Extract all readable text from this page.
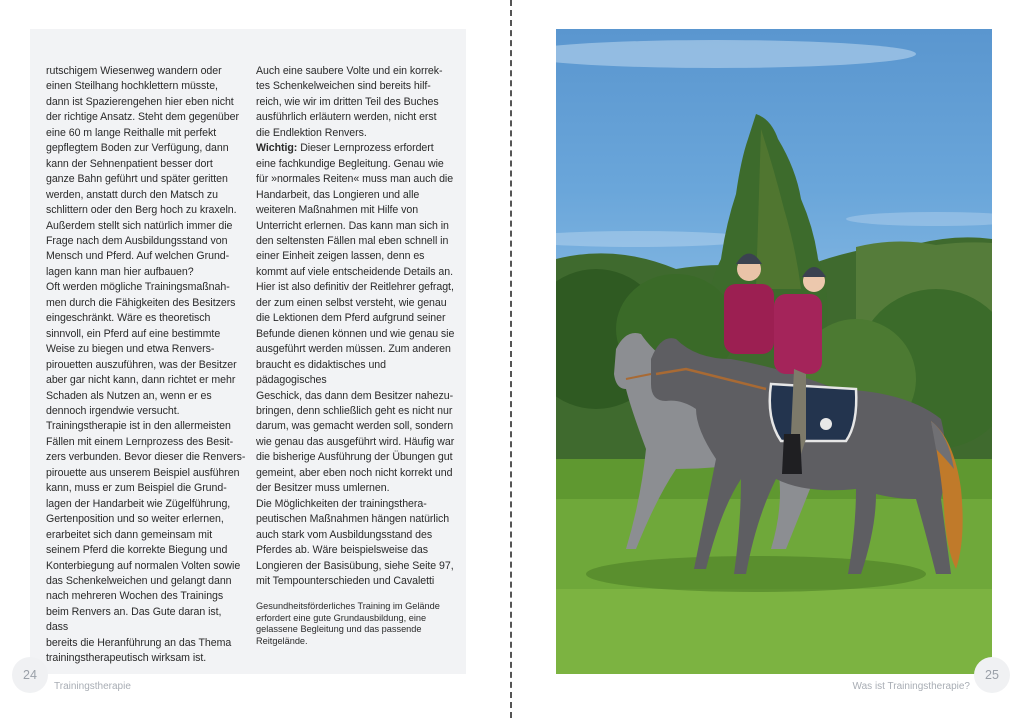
rutschigem Wiesenweg wandern oder
einen Steilhang hochklettern müsste,
dann ist Spazierengehen hier eben nicht
der richtige Ansatz. Steht dem gegenüber
eine 60 m lange Reithalle mit perfekt
gepflegtem Boden zur Verfügung, dann
kann der Sehnenpatient besser dort
ganze Bahn geführt und später geritten
werden, anstatt durch den Matsch zu
schlittern oder den Berg hoch zu kraxeln.
Außerdem stellt sich natürlich immer die
Frage nach dem Ausbildungsstand von
Mensch und Pferd. Auf welchen Grund-
lagen kann man hier aufbauen?
Oft werden mögliche Trainingsmaßnah-
men durch die Fähigkeiten des Besitzers
eingeschränkt. Wäre es theoretisch
sinnvoll, ein Pferd auf eine bestimmte
Weise zu biegen und etwa Renvers-
pirouetten auszuführen, was der Besitzer
aber gar nicht kann, dann richtet er mehr
Schaden als Nutzen an, wenn er es
dennoch irgendwie versucht.
Trainingstherapie ist in den allermeisten
Fällen mit einem Lernprozess des Besit-
zers verbunden. Bevor dieser die Renvers-
pirouette aus unserem Beispiel ausführen
kann, muss er zum Beispiel die Grund-
lagen der Handarbeit wie Zügelführung,
Gertenposition und so weiter erlernen,
erarbeitet sich dann gemeinsam mit
seinem Pferd die korrekte Biegung und
Konterbiegung auf normalen Volten sowie
das Schenkelweichen und gelangt dann
nach mehreren Wochen des Trainings
beim Renvers an. Das Gute daran ist, dass
bereits die Heranführung an das Thema
trainingstherapeutisch wirksam ist.
Auch eine saubere Volte und ein korrek-
tes Schenkelweichen sind bereits hilf-
reich, wie wir im dritten Teil des Buches
ausführlich erläutern werden, nicht erst
die Endlektion Renvers.

Wichtig: Dieser Lernprozess erfordert

eine fachkundige Begleitung. Genau wie
für »normales Reiten« muss man auch die
Handarbeit, das Longieren und alle
weiteren Maßnahmen mit Hilfe von
Unterricht erlernen. Das kann man sich in
den seltensten Fällen mal eben schnell in
einer Einheit zeigen lassen, denn es
kommt auf viele entscheidende Details an.
Hier ist also definitiv der Reitlehrer gefragt,
der zum einen selbst versteht, wie genau
die Lektionen dem Pferd aufgrund seiner
Befunde dienen können und wie genau sie
ausgeführt werden müssen. Zum anderen
braucht es didaktisches und pädagogisches
Geschick, das dann dem Besitzer nahezu-
bringen, denn schließlich geht es nicht nur
darum, was gemacht werden soll, sondern
wie genau das ausgeführt wird. Häufig war
die bisherige Ausführung der Übungen gut
gemeint, aber eben noch nicht korrekt und
der Besitzer muss umlernen.
Die Möglichkeiten der trainingsthera-
peutischen Maßnahmen hängen natürlich
auch stark vom Ausbildungsstand des
Pferdes ab. Wäre beispielsweise das
Longieren der Basisübung, siehe Seite 97,
mit Tempounterschieden und Cavaletti
Gesundheitsförderliches Training im Gelände
erfordert eine gute Grundausbildung, eine
gelassene Begleitung und das passende
Reitgelände.
24
Trainingstherapie
25
Was ist Trainingstherapie?
